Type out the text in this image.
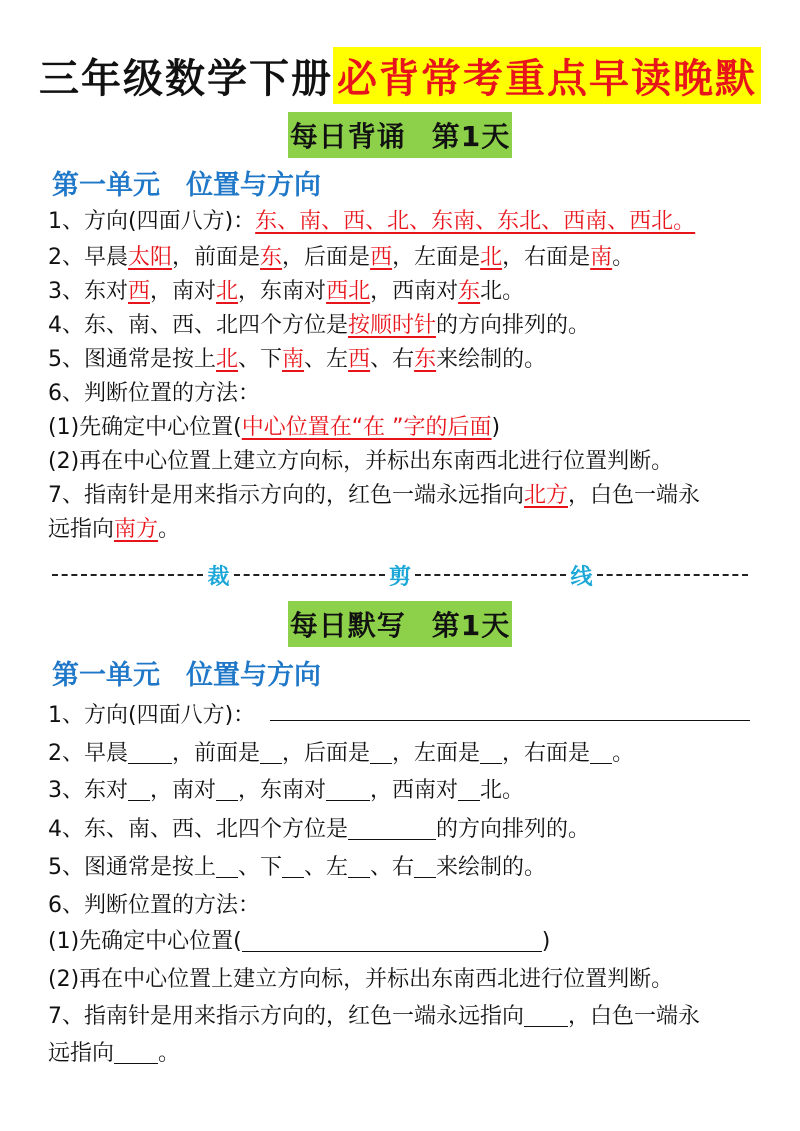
三年级数学下册 必背常考重点早读晚默
每日背诵 第1天
第一单元 位置与方向
1、方向(四面八方)：东、南、西、北、东南、东北、西南、西北。
2、早晨太阳，前面是东，后面是西，左面是北，右面是南。
3、东对西，南对北，东南对西北，西南对东北。
4、东、南、西、北四个方位是按顺时针的方向排列的。
5、图通常是按上北、下南、左西、右东来绘制的。
6、判断位置的方法：
(1)先确定中心位置(中心位置在“在 ”字的后面)
(2)再在中心位置上建立方向标，并标出东南西北进行位置判断。
7、指南针是用来指示方向的，红色一端永远指向北方，白色一端永
远指向南方。
裁	剪	线
每日默写 第1天
第一单元 位置与方向
1、方向(四面八方)：
2、早晨 ，前面是 ，后面是 ，左面是 ，右面是 。
3、东对 ，南对 ，东南对 ，西南对 北。
4、东、南、西、北四个方位是	的方向排列的。
5、图通常是按上 、下 、左 、右 来绘制的。
6、判断位置的方法：
(1)先确定中心位置(	)
(2)再在中心位置上建立方向标，并标出东南西北进行位置判断。
7、指南针是用来指示方向的，红色一端永远指向 ，白色一端永
远指向 。
